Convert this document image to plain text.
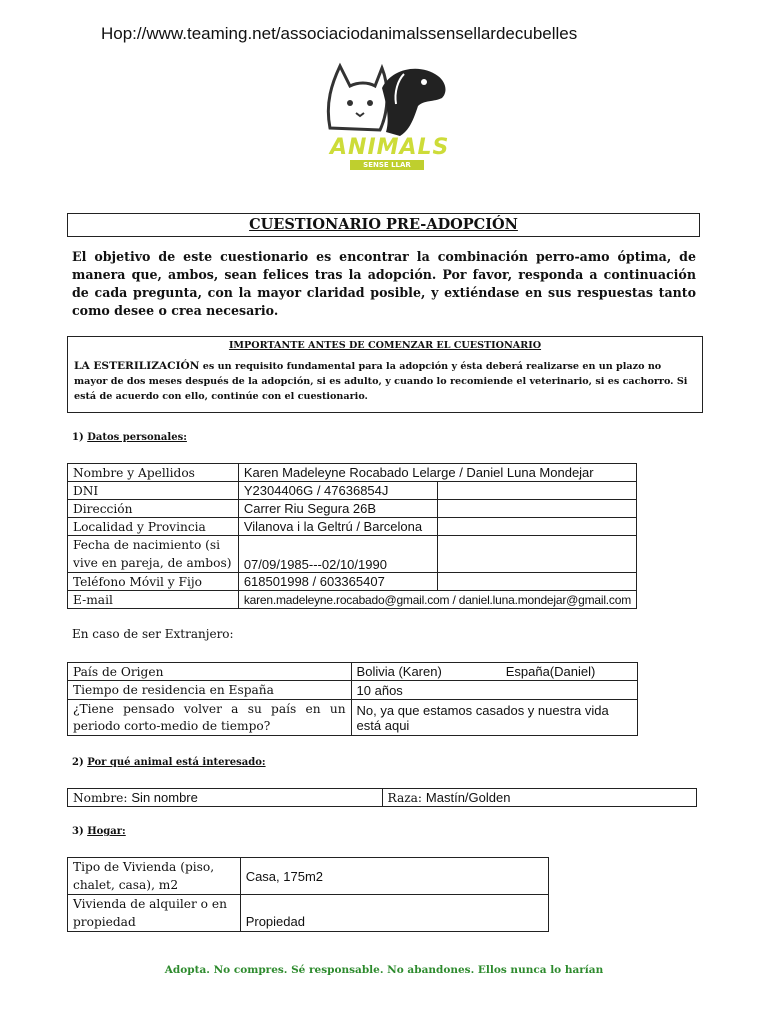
Hop://www.teaming.net/associaciodanimalssensellardecubelles
ANIMALS
SENSE LLAR
CUESTIONARIO PRE-ADOPCIÓN
El objetivo de este cuestionario es encontrar la combinación perro-amo óptima, de manera que, ambos, sean felices tras la adopción. Por favor, responda a continuación de cada pregunta, con la mayor claridad posible, y extiéndase en sus respuestas tanto como desee o crea necesario.
IMPORTANTE ANTES DE COMENZAR EL CUESTIONARIO
LA ESTERILIZACIÓN es un requisito fundamental para la adopción y ésta deberá realizarse en un plazo no mayor de dos meses después de la adopción, si es adulto, y cuando lo recomiende el veterinario, si es cachorro. Si está de acuerdo con ello, continúe con el cuestionario.
1) Datos personales:
Nombre y Apellidos	Karen Madeleyne Rocabado Lelarge / Daniel Luna Mondejar	
DNI	Y2304406G / 47636854J	
Dirección	Carrer Riu Segura 26B	
Localidad y Provincia	Vilanova i la Geltrú / Barcelona	
Fecha de nacimiento (si vive en pareja, de ambos)	07/09/1985---02/10/1990	
Teléfono Móvil y Fijo	618501998 / 603365407	
E-mail	karen.madeleyne.rocabado@gmail.com / daniel.luna.mondejar@gmail.com	
En caso de ser Extranjero:
País de Origen	Bolivia (Karen)	España(Daniel)
Tiempo de residencia en España	10 años	
¿Tiene pensado volver a su país en un periodo corto-medio de tiempo?	No, ya que estamos casados y nuestra vida está aqui	
2) Por qué animal está interesado:
Nombre: Sin nombre	Raza: Mastín/Golden
3) Hogar:
Tipo de Vivienda (piso, chalet, casa), m2	Casa, 175m2
Vivienda de alquiler o en propiedad	Propiedad
Adopta. No compres. Sé responsable. No abandones. Ellos nunca lo harían
